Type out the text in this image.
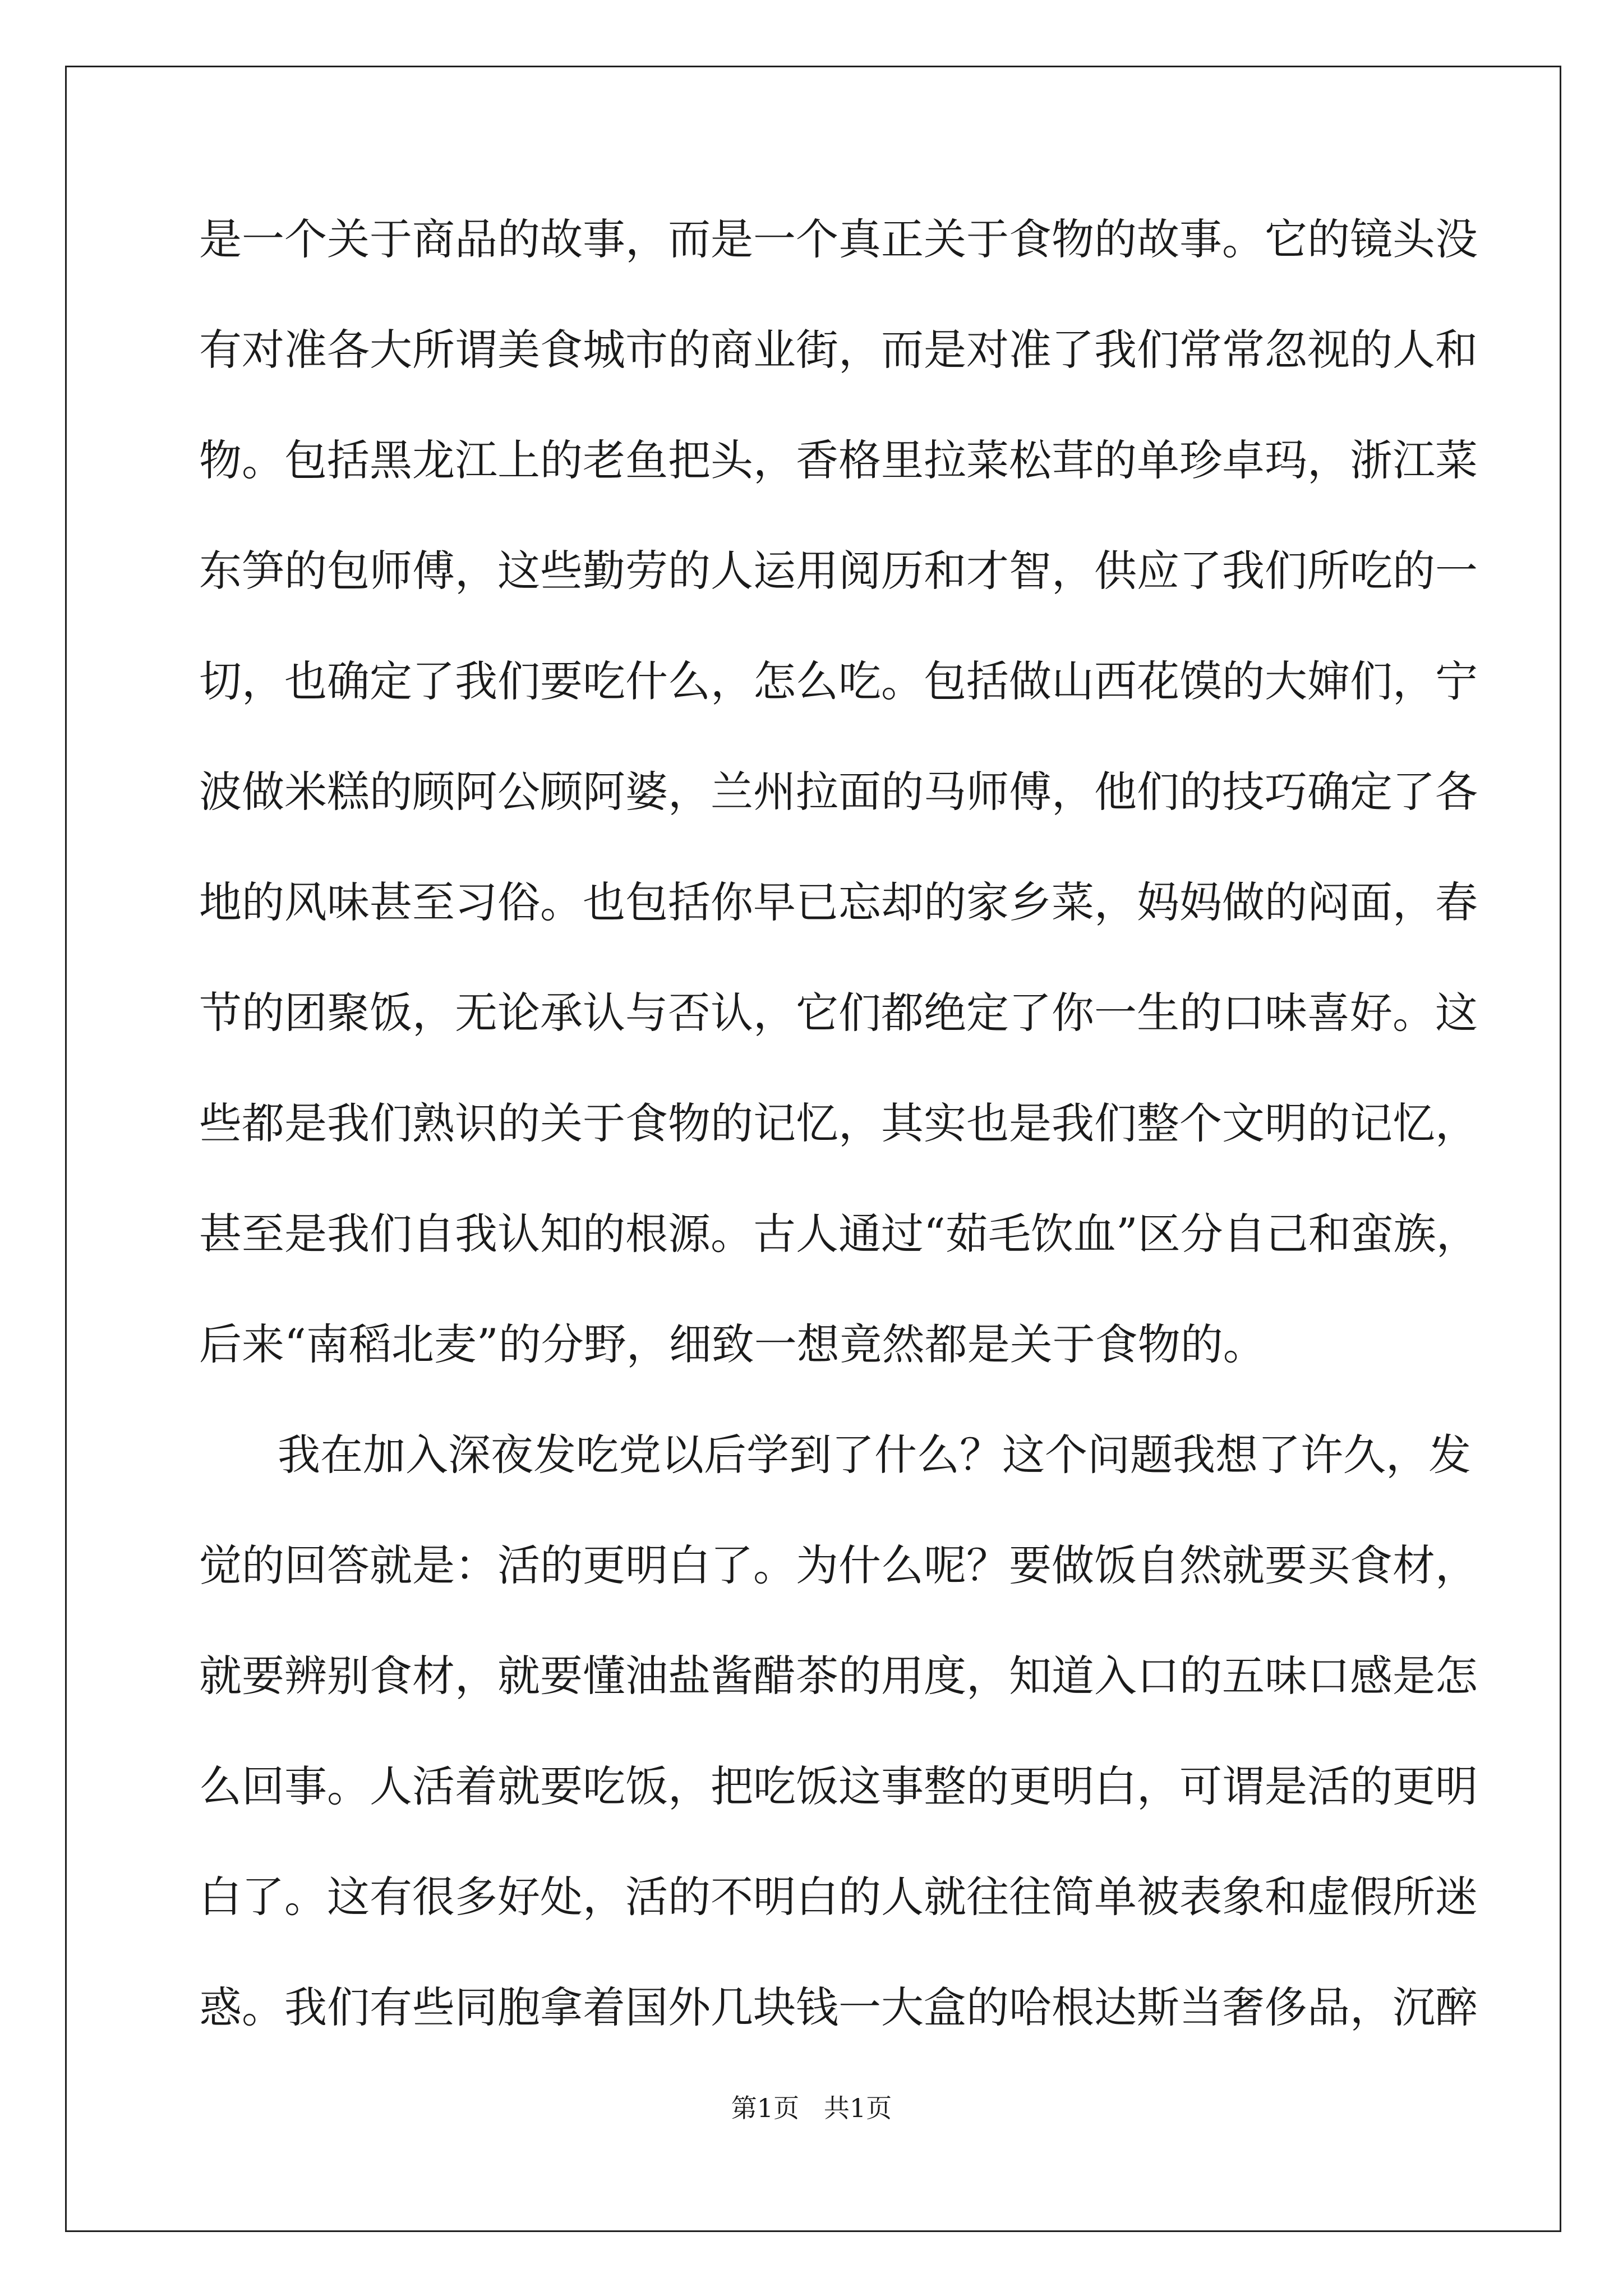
是一个关于商品的故事，而是一个真正关于食物的故事。它的镜头没
有对准各大所谓美食城市的商业街，而是对准了我们常常忽视的人和
物。包括黑龙江上的老鱼把头，香格里拉菜松茸的单珍卓玛，浙江菜
东笋的包师傅，这些勤劳的人运用阅历和才智，供应了我们所吃的一
切，也确定了我们要吃什么，怎么吃。包括做山西花馍的大婶们，宁
波做米糕的顾阿公顾阿婆，兰州拉面的马师傅，他们的技巧确定了各
地的风味甚至习俗。也包括你早已忘却的家乡菜，妈妈做的闷面，春
节的团聚饭，无论承认与否认，它们都绝定了你一生的口味喜好。这
些都是我们熟识的关于食物的记忆，其实也是我们整个文明的记忆，
甚至是我们自我认知的根源。古人通过“茹毛饮血”区分自己和蛮族，
后来“南稻北麦”的分野，细致一想竟然都是关于食物的。
我在加入深夜发吃党以后学到了什么？这个问题我想了许久，发
觉的回答就是：活的更明白了。为什么呢？要做饭自然就要买食材，
就要辨别食材，就要懂油盐酱醋茶的用度，知道入口的五味口感是怎
么回事。人活着就要吃饭，把吃饭这事整的更明白，可谓是活的更明
白了。这有很多好处，活的不明白的人就往往简单被表象和虚假所迷
惑。我们有些同胞拿着国外几块钱一大盒的哈根达斯当奢侈品，沉醉
第1页   共1页
